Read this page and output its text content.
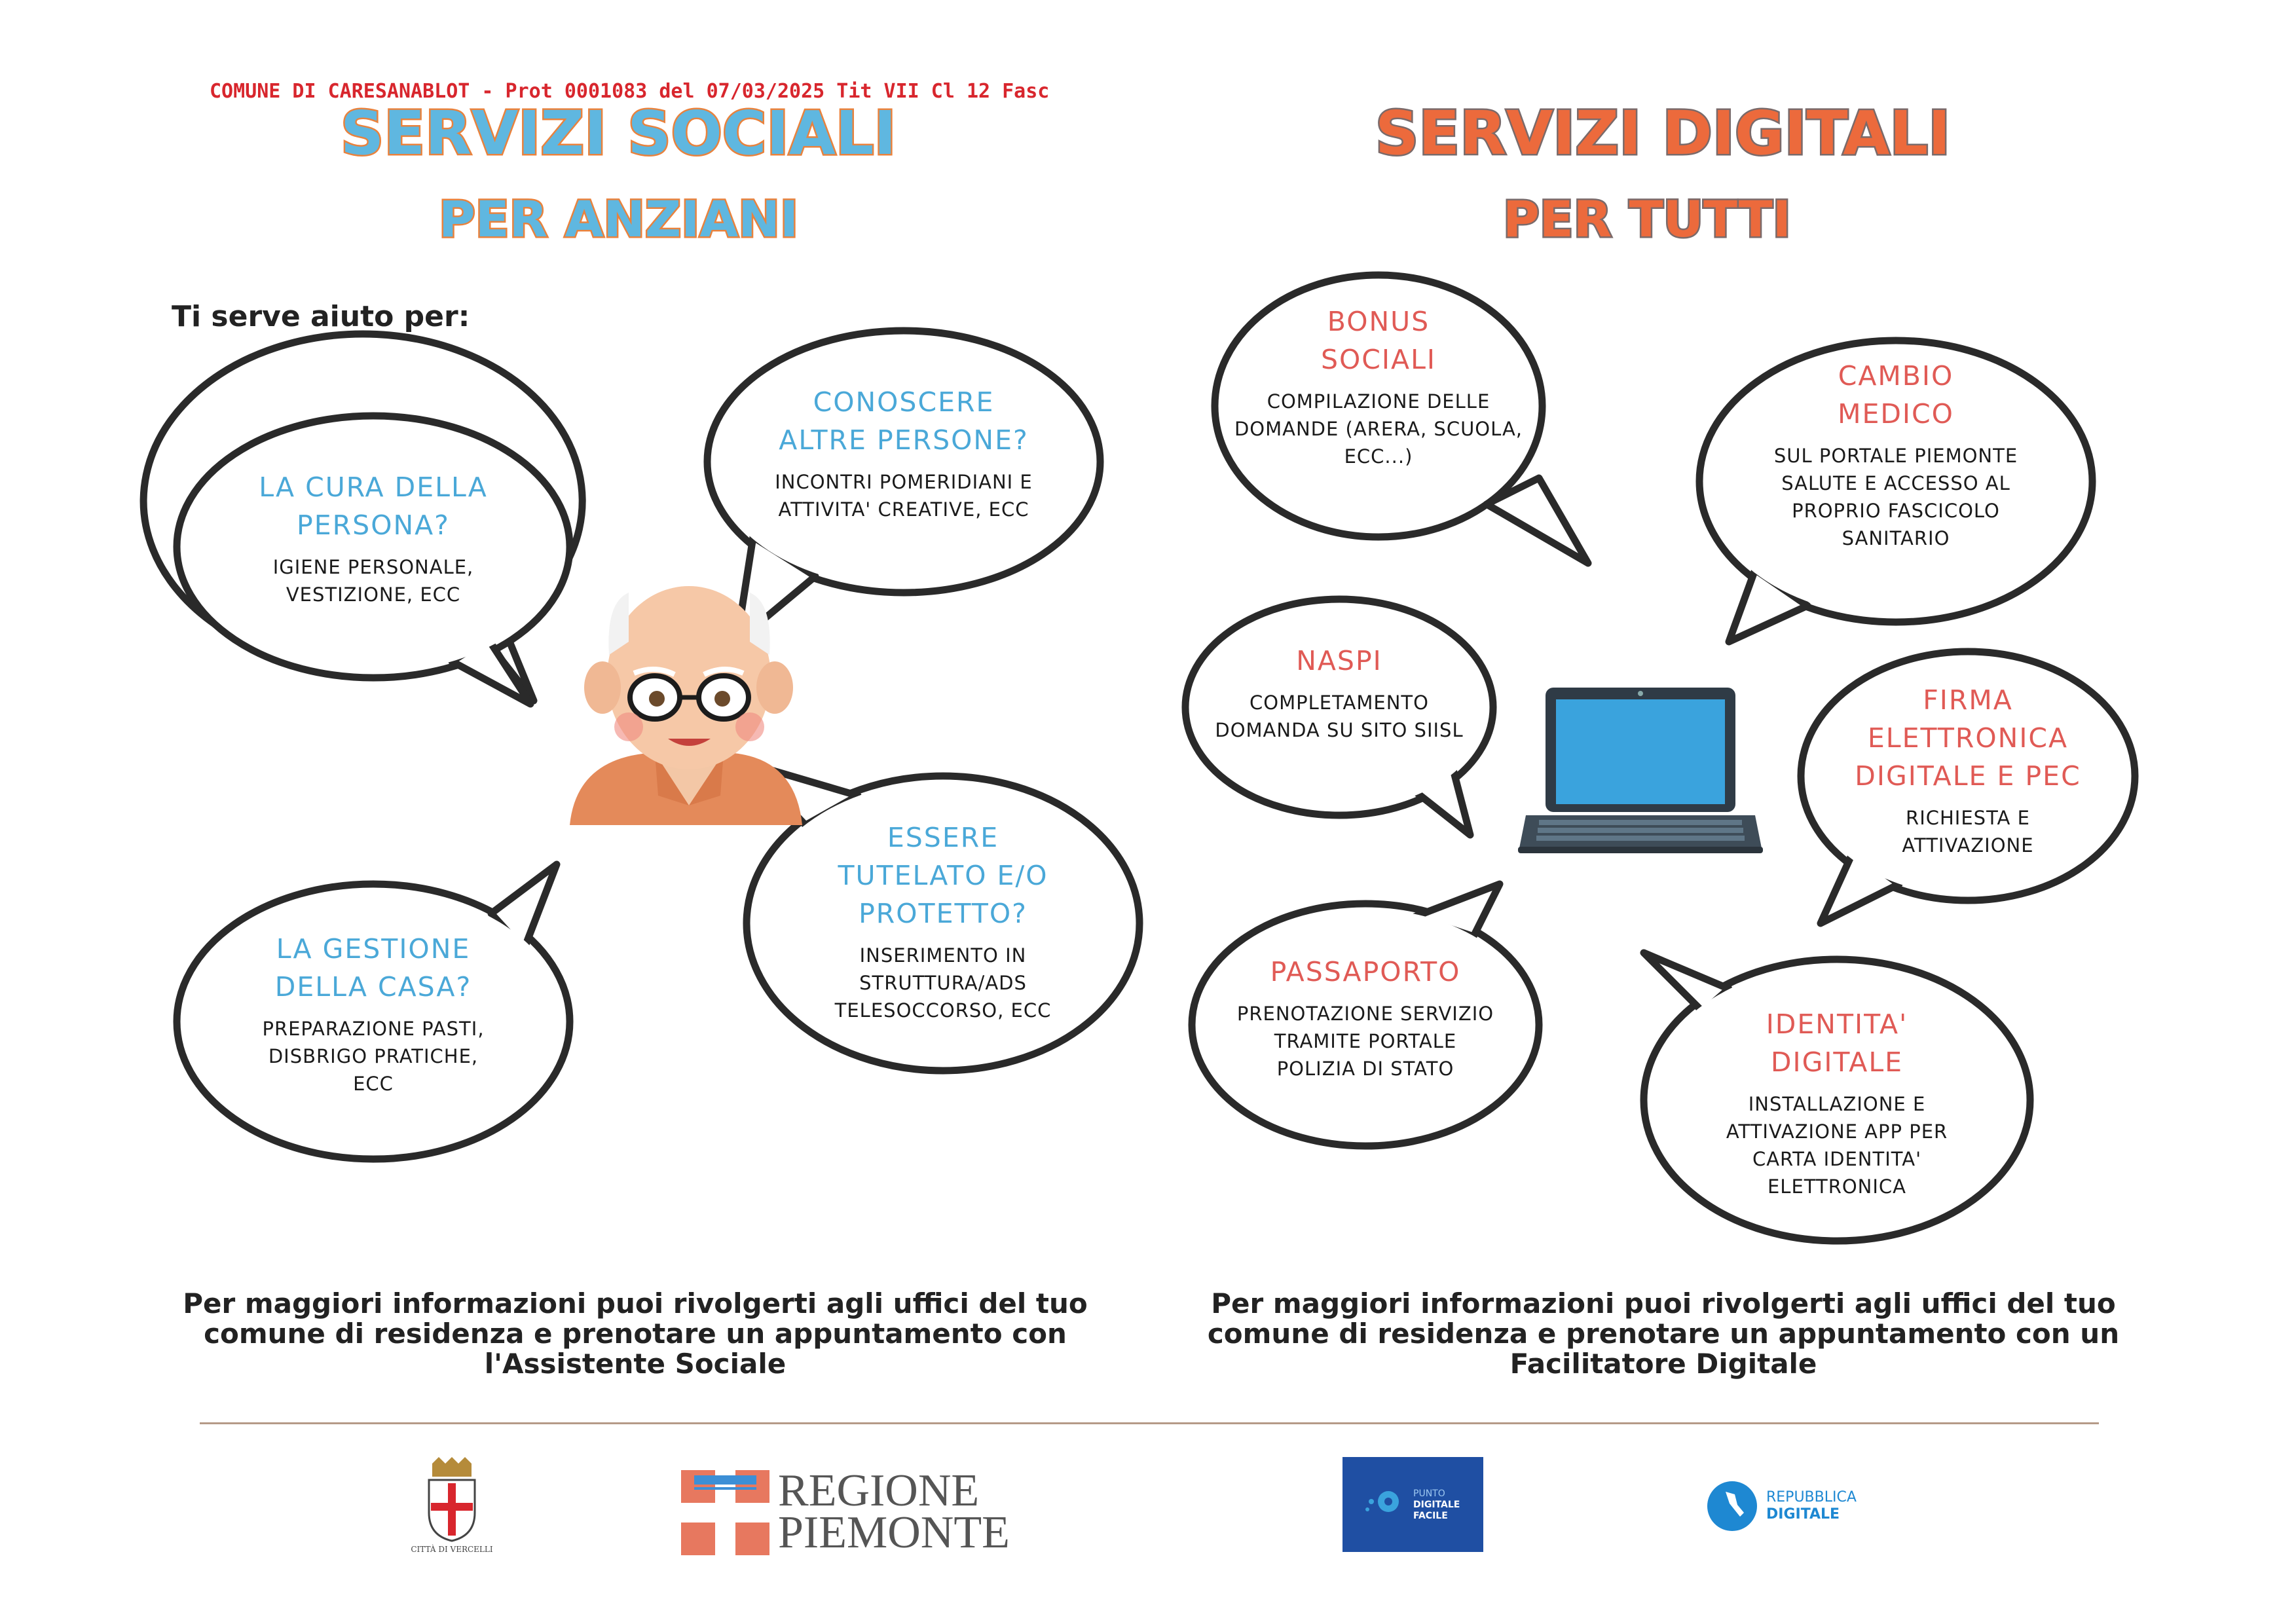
COMUNE DI CARESANABLOT - Prot 0001083 del 07/03/2025 Tit VII Cl 12 Fasc
SERVIZI SOCIALI
PER ANZIANI
SERVIZI DIGITALI
PER TUTTI
Ti serve aiuto per:
LA CURA DELLA
PERSONA?
IGIENE PERSONALE,
VESTIZIONE, ECC
CONOSCERE
ALTRE PERSONE?
INCONTRI POMERIDIANI E
ATTIVITA' CREATIVE, ECC
ESSERE
TUTELATO E/O
PROTETTO?
INSERIMENTO IN
STRUTTURA/ADS
TELESOCCORSO, ECC
LA GESTIONE
DELLA CASA?
PREPARAZIONE PASTI,
DISBRIGO PRATICHE,
ECC
BONUS
SOCIALI
COMPILAZIONE DELLE
DOMANDE (ARERA, SCUOLA,
ECC...)
CAMBIO
MEDICO
SUL PORTALE PIEMONTE
SALUTE E ACCESSO AL
PROPRIO FASCICOLO
SANITARIO
NASPI
COMPLETAMENTO
DOMANDA SU SITO SIISL
FIRMA
ELETTRONICA
DIGITALE E PEC
RICHIESTA E
ATTIVAZIONE
PASSAPORTO
PRENOTAZIONE SERVIZIO
TRAMITE PORTALE
POLIZIA DI STATO
IDENTITA'
DIGITALE
INSTALLAZIONE E
ATTIVAZIONE APP PER
CARTA IDENTITA'
ELETTRONICA
Per maggiori informazioni puoi rivolgerti agli uffici del tuo
comune di residenza e prenotare un appuntamento con
l'Assistente Sociale
Per maggiori informazioni puoi rivolgerti agli uffici del tuo
comune di residenza e prenotare un appuntamento con un
Facilitatore Digitale
CITTÀ DI VERCELLI
REGIONE
PIEMONTE
PUNTO
DIGITALE
FACILE
REPUBBLICA
DIGITALE
